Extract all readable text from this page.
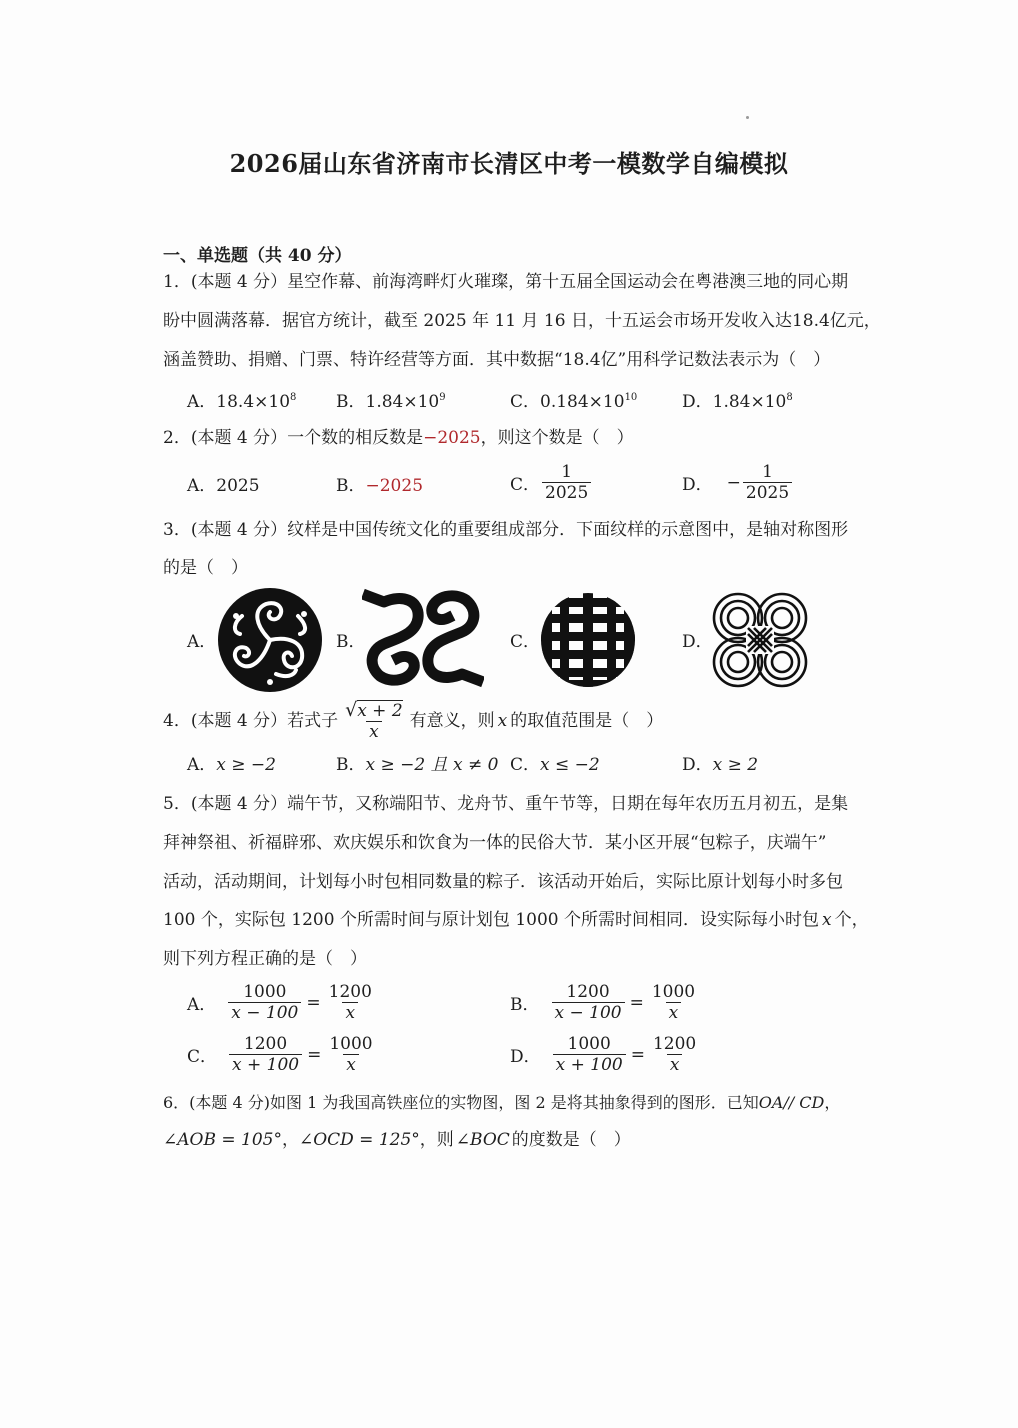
2026届山东省济南市长清区中考一模数学自编模拟
一、单选题（共 40 分）
1．(本题 4 分）星空作幕、前海湾畔灯火璀璨，第十五届全国运动会在粤港澳三地的同心期
盼中圆满落幕．据官方统计，截至 2025 年 11 月 16 日，十五运会市场开发收入达18.4亿元，
涵盖赞助、捐赠、门票、特许经营等方面．其中数据“18.4亿”用科学记数法表示为（　）
A．$18.4\times 10^8$ B．$1.84\times 10^9$	C．$0.184\times 10^{10}$	D．$1.84\times 10^8$
2．(本题 4 分）一个数的相反数是−2025，则这个数是（　）
A．2025	B．−2025	C． $\frac{1}{2025}$	D． − $\frac{1}{2025}$
3．(本题 4 分）纹样是中国传统文化的重要组成部分．下面纹样的示意图中，是轴对称图形
的是（　）
A．	B．	C．	D．
4．(本题 4 分）若式子 $\frac{√x + 2}{x}$ 有意义，则 x 的取值范围是（　）
A．x ≥ −2	B．x ≥ −2 且 x ≠ 0 C．x ≤ −2	D．x ≥ 2
5．(本题 4 分）端午节，又称端阳节、龙舟节、重午节等，日期在每年农历五月初五，是集
拜神祭祖、祈福辟邪、欢庆娱乐和饮食为一体的民俗大节．某小区开展“包粽子，庆端午”
活动，活动期间，计划每小时包相同数量的粽子．该活动开始后，实际比原计划每小时多包
100 个，实际包 1200 个所需时间与原计划包 1000 个所需时间相同．设实际每小时包 x 个，
则下列方程正确的是（　）
A． $\frac{1000}{x - 100} = \frac{1200}{x}$	B． $\frac{1200}{x - 100} = \frac{1000}{x}$
C． $\frac{1200}{x + 100} = \frac{1000}{x}$	D． $\frac{1000}{x + 100} = \frac{1200}{x}$
6．(本题 4 分)如图 1 为我国高铁座位的实物图，图 2 是将其抽象得到的图形．已知OA// CD，
∠AOB = 105°，∠OCD = 125°，则 ∠BOC 的度数是（　）
